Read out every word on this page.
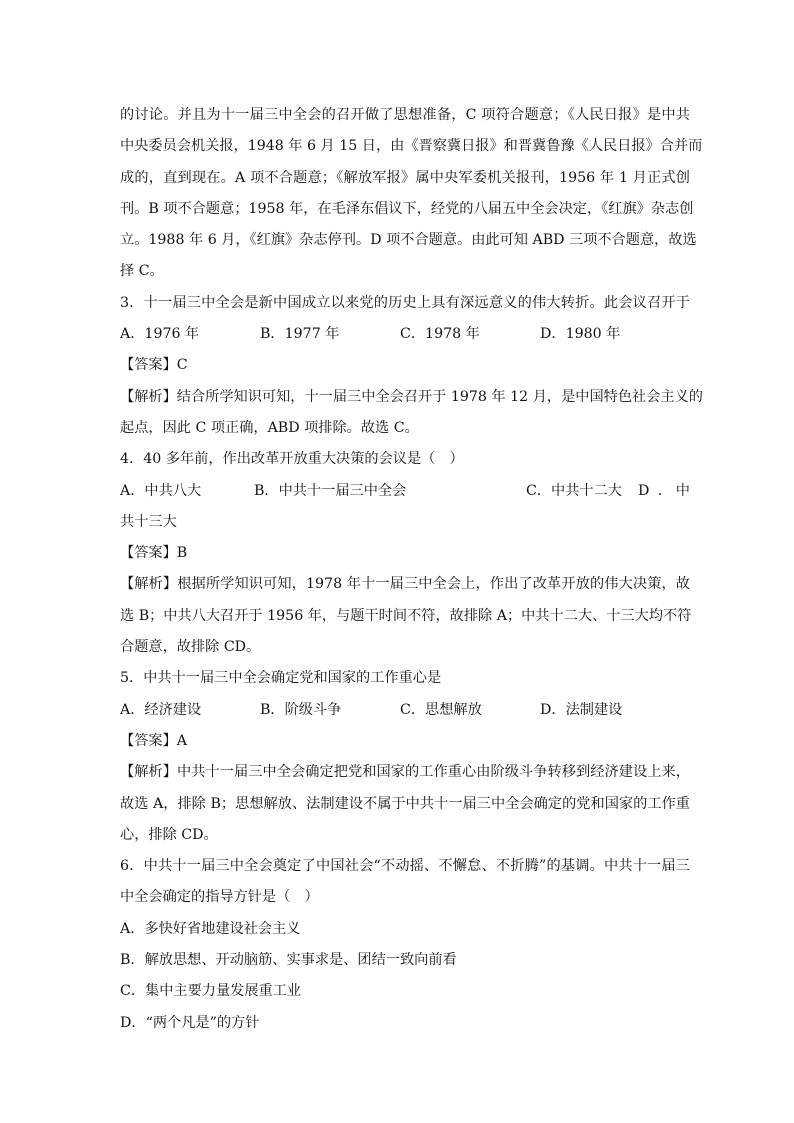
的讨论。并且为十一届三中全会的召开做了思想准备，C 项符合题意；《人民日报》是中共
中央委员会机关报，1948 年 6 月 15 日，由《晋察冀日报》和晋冀鲁豫《人民日报》合并而
成的，直到现在。A 项不合题意；《解放军报》属中央军委机关报刊，1956 年 1 月正式创
刊。B 项不合题意；1958 年，在毛泽东倡议下，经党的八届五中全会决定，《红旗》杂志创
立。1988 年 6 月，《红旗》杂志停刊。D 项不合题意。由此可知 ABD 三项不合题意，故选
择 C。
3．十一届三中全会是新中国成立以来党的历史上具有深远意义的伟大转折。此会议召开于
A．1976 年	B．1977 年	C．1978 年	D．1980 年
【答案】C
【解析】结合所学知识可知，十一届三中全会召开于 1978 年 12 月，是中国特色社会主义的
起点，因此 C 项正确，ABD 项排除。故选 C。
4．40 多年前，作出改革开放重大决策的会议是（　）
A．中共八大	B．中共十一届三中全会	C．中共十二大	D ．中
共十三大
【答案】B
【解析】根据所学知识可知，1978 年十一届三中全会上，作出了改革开放的伟大决策，故
选 B；中共八大召开于 1956 年，与题干时间不符，故排除 A；中共十二大、十三大均不符
合题意，故排除 CD。
5．中共十一届三中全会确定党和国家的工作重心是
A．经济建设	B．阶级斗争	C．思想解放	D．法制建设
【答案】A
【解析】中共十一届三中全会确定把党和国家的工作重心由阶级斗争转移到经济建设上来，
故选 A，排除 B；思想解放、法制建设不属于中共十一届三中全会确定的党和国家的工作重
心，排除 CD。
6．中共十一届三中全会奠定了中国社会“不动摇、不懈怠、不折腾”的基调。中共十一届三
中全会确定的指导方针是（　）
A．多快好省地建设社会主义
B．解放思想、开动脑筋、实事求是、团结一致向前看
C．集中主要力量发展重工业
D．“两个凡是”的方针
